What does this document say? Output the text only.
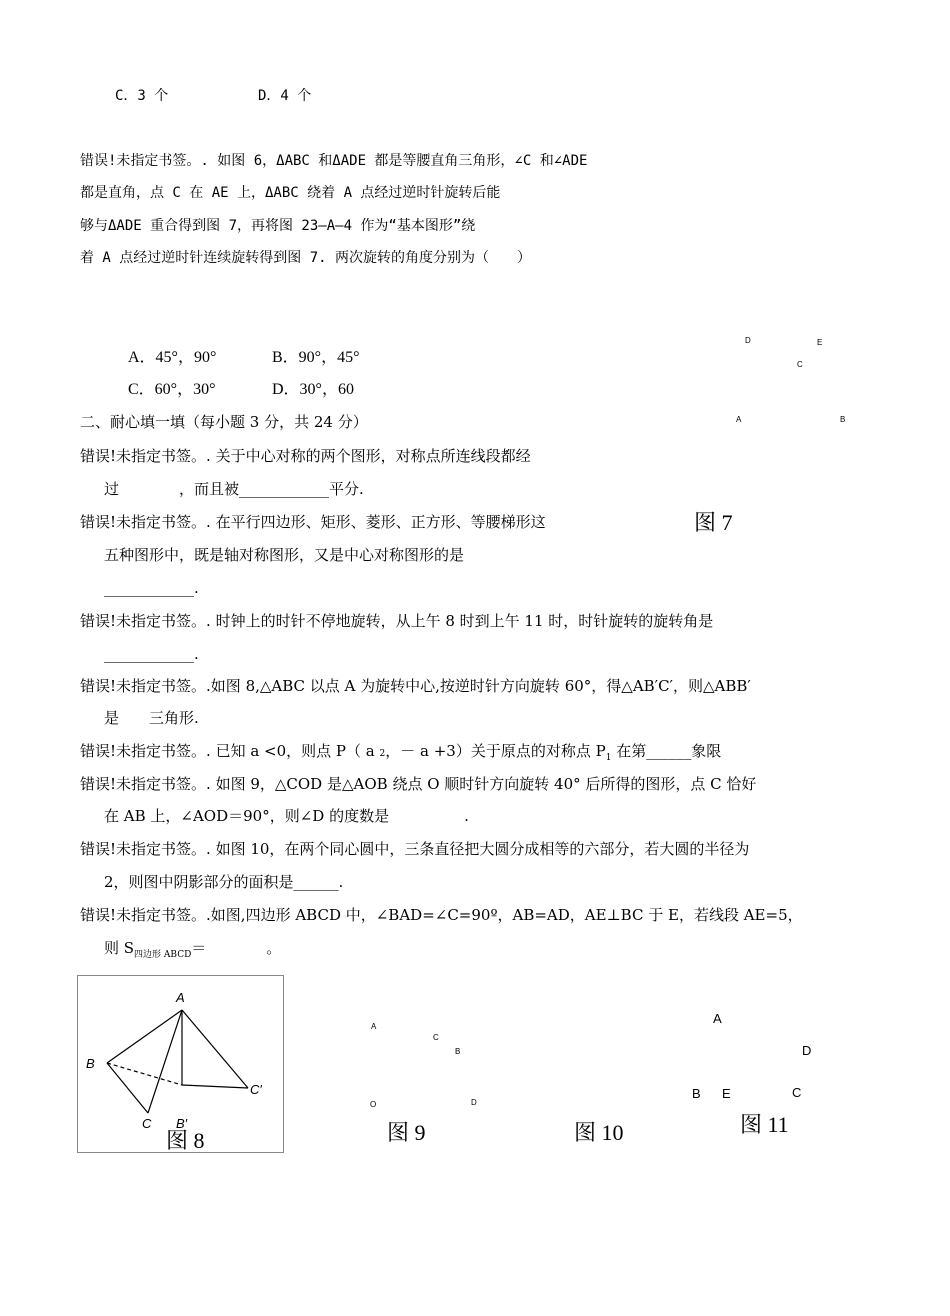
C．3 个	D．4 个
错误!未指定书签。. 如图 6，ΔABC 和ΔADE 都是等腰直角三角形，∠C 和∠ADE
都是直角，点 C 在 AE 上，ΔABC 绕着 A 点经过逆时针旋转后能
够与ΔADE 重合得到图 7，再将图 23—A—4 作为“基本图形”绕
着 A 点经过逆时针连续旋转得到图 7. 两次旋转的角度分别为（　　）
A．45°，90°	B．90°，45°
C．60°，30°	D．30°，60
D	E
C
A	B
图 7
二、耐心填一填（每小题 3 分，共 24 分）
错误!未指定书签。. 关于中心对称的两个图形，对称点所连线段都经
过　　　　，而且被____________平分.
错误!未指定书签。. 在平行四边形、矩形、菱形、正方形、等腰梯形这
五种图形中，既是轴对称图形，又是中心对称图形的是
____________.
错误!未指定书签。. 时钟上的时针不停地旋转，从上午 8 时到上午 11 时，时针旋转的旋转角是
____________.
错误!未指定书签。.如图 8,△ABC 以点 A 为旋转中心,按逆时针方向旋转 60°，得△AB′C′，则△ABB′
是　　三角形.
错误!未指定书签。. 已知 a <0，则点 P（ a 2，－ a +3）关于原点的对称点 $P_1$ 在第______象限
错误!未指定书签。. 如图 9，△COD 是△AOB 绕点 O 顺时针方向旋转 40° 后所得的图形，点 C 恰好
在 AB 上，∠AOD＝90°，则∠D 的度数是　　　　　.
错误!未指定书签。. 如图 10，在两个同心圆中，三条直径把大圆分成相等的六部分，若大圆的半径为
2，则图中阴影部分的面积是______.
错误!未指定书签。.如图,四边形 ABCD 中，∠BAD=∠C=90º，AB=AD，AE⊥BC 于 E，若线段 AE=5，
则 $S_{四边形 ABCD}=$　　　　。
A
B
C B′
C′
图 8
A
C
B
O	D
图 9	图 10
A
D
B E	C
图 11
